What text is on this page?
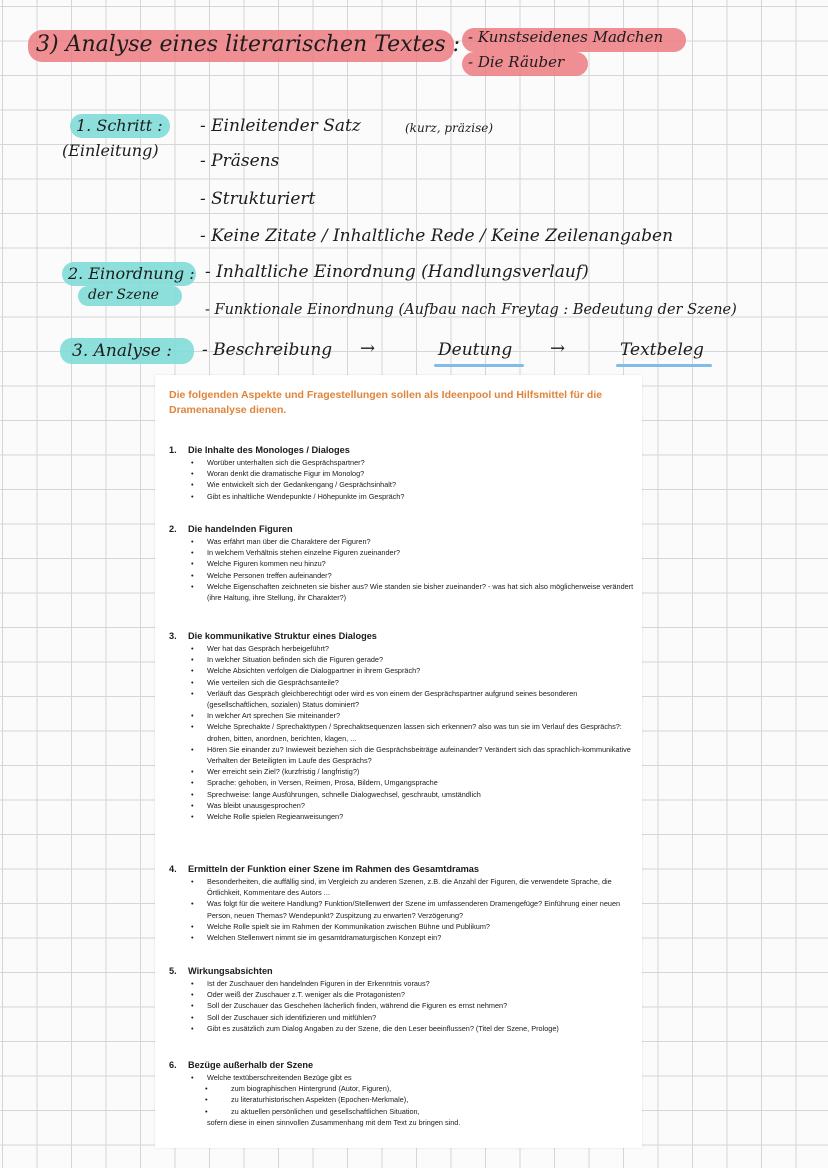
3) Analyse eines literarischen Textes : - Kunstseidenes Madchen
- Die Räuber
1. Schritt :
(Einleitung)
- Einleitender Satz	(kurz, präzise)
- Präsens
- Strukturiert
- Keine Zitate / Inhaltliche Rede / Keine Zeilenangaben
2. Einordnung :
der Szene
- Inhaltliche Einordnung (Handlungsverlauf)
- Funktionale Einordnung (Aufbau nach Freytag : Bedeutung der Szene)
3. Analyse : - Beschreibung →	Deutung →	Textbeleg
Die folgenden Aspekte und Fragestellungen sollen als Ideenpool und Hilfsmittel für die Dramenanalyse dienen.
1. Die Inhalte des Monologes / Dialoges
• Worüber unterhalten sich die Gesprächspartner?
• Woran denkt die dramatische Figur im Monolog?
• Wie entwickelt sich der Gedankengang / Gesprächsinhalt?
• Gibt es inhaltliche Wendepunkte / Höhepunkte im Gespräch?
2. Die handelnden Figuren
• Was erfährt man über die Charaktere der Figuren?
• In welchem Verhältnis stehen einzelne Figuren zueinander?
• Welche Figuren kommen neu hinzu?
• Welche Personen treffen aufeinander?
• Welche Eigenschaften zeichneten sie bisher aus? Wie standen sie bisher zueinander? - was hat sich also möglicherweise verändert (ihre Haltung, ihre Stellung, ihr Charakter?)
3. Die kommunikative Struktur eines Dialoges
• Wer hat das Gespräch herbeigeführt?
• In welcher Situation befinden sich die Figuren gerade?
• Welche Absichten verfolgen die Dialogpartner in ihrem Gespräch?
• Wie verteilen sich die Gesprächsanteile?
• Verläuft das Gespräch gleichberechtigt oder wird es von einem der Gesprächspartner aufgrund seines besonderen (gesellschaftlichen, sozialen) Status dominiert?
• In welcher Art sprechen Sie miteinander?
• Welche Sprechakte / Sprechakttypen / Sprechaktsequenzen lassen sich erkennen? also was tun sie im Verlauf des Gesprächs?: drohen, bitten, anordnen, berichten, klagen, ...
• Hören Sie einander zu? Inwieweit beziehen sich die Gesprächsbeiträge aufeinander? Verändert sich das sprachlich-kommunikative Verhalten der Beteiligten im Laufe des Gesprächs?
• Wer erreicht sein Ziel? (kurzfristig / langfristig?)
• Sprache: gehoben, in Versen, Reimen, Prosa, Bildern, Umgangsprache
• Sprechweise: lange Ausführungen, schnelle Dialogwechsel, geschraubt, umständlich
• Was bleibt unausgesprochen?
• Welche Rolle spielen Regieanweisungen?
4. Ermitteln der Funktion einer Szene im Rahmen des Gesamtdramas
• Besonderheiten, die auffällig sind, im Vergleich zu anderen Szenen, z.B. die Anzahl der Figuren, die verwendete Sprache, die Örtlichkeit, Kommentare des Autors ...
• Was folgt für die weitere Handlung? Funktion/Stellenwert der Szene im umfassenderen Dramengefüge? Einführung einer neuen Person, neuen Themas? Wendepunkt? Zuspitzung zu erwarten? Verzögerung?
• Welche Rolle spielt sie im Rahmen der Kommunikation zwischen Bühne und Publikum?
• Welchen Stellenwert nimmt sie im gesamtdramaturgischen Konzept ein?
5. Wirkungsabsichten
• Ist der Zuschauer den handelnden Figuren in der Erkenntnis voraus?
• Oder weiß der Zuschauer z.T. weniger als die Protagonisten?
• Soll der Zuschauer das Geschehen lächerlich finden, während die Figuren es ernst nehmen?
• Soll der Zuschauer sich identifizieren und mitfühlen?
• Gibt es zusätzlich zum Dialog Angaben zu der Szene, die den Leser beeinflussen? (Titel der Szene, Prologe)
6. Bezüge außerhalb der Szene
• Welche textüberschreitenden Bezüge gibt es
• zum biographischen Hintergrund (Autor, Figuren),
• zu literaturhistorischen Aspekten (Epochen-Merkmale),
• zu aktuellen persönlichen und gesellschaftlichen Situation,
sofern diese in einen sinnvollen Zusammenhang mit dem Text zu bringen sind.
